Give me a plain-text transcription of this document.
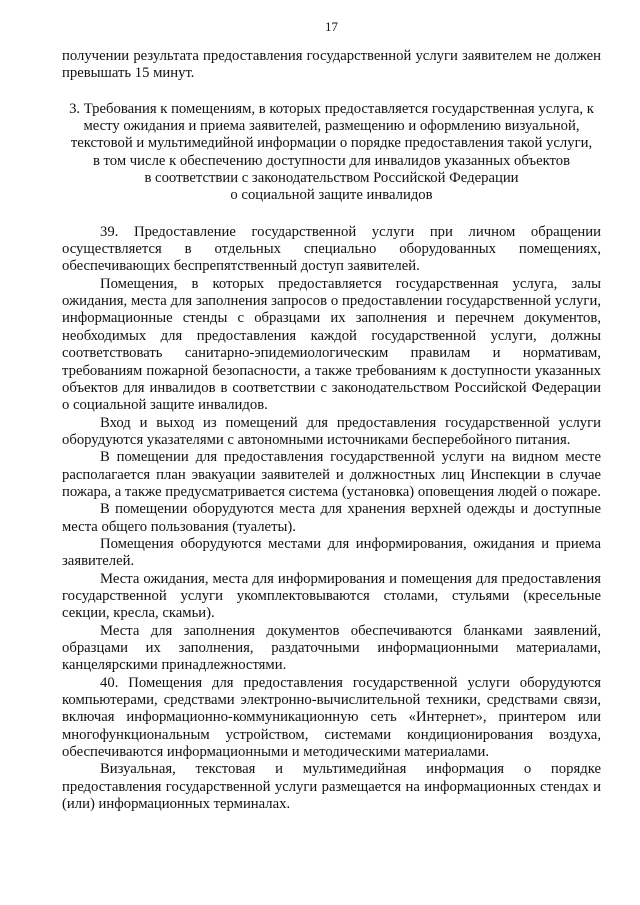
17

получении результата предоставления государственной услуги заявителем не должен превышать 15 минут.

3. Требования к помещениям, в которых предоставляется государственная услуга, к
месту ожидания и приема заявителей, размещению и оформлению визуальной,
текстовой и мультимедийной информации о порядке предоставления такой услуги,
в том числе к обеспечению доступности для инвалидов указанных объектов
в соответствии с законодательством Российской Федерации
о социальной защите инвалидов

39. Предоставление государственной услуги при личном обращении осуществляется в отдельных специально оборудованных помещениях, обеспечивающих беспрепятственный доступ заявителей.

Помещения, в которых предоставляется государственная услуга, залы ожидания, места для заполнения запросов о предоставлении государственной услуги, информационные стенды с образцами их заполнения и перечнем документов, необходимых для предоставления каждой государственной услуги, должны соответствовать санитарно-эпидемиологическим правилам и нормативам, требованиям пожарной безопасности, а также требованиям к доступности указанных объектов для инвалидов в соответствии с законодательством Российской Федерации о социальной защите инвалидов.

Вход и выход из помещений для предоставления государственной услуги оборудуются указателями с автономными источниками бесперебойного питания.

В помещении для предоставления государственной услуги на видном месте располагается план эвакуации заявителей и должностных лиц Инспекции в случае пожара, а также предусматривается система (установка) оповещения людей о пожаре.

В помещении оборудуются места для хранения верхней одежды и доступные места общего пользования (туалеты).

Помещения оборудуются местами для информирования, ожидания и приема заявителей.

Места ожидания, места для информирования и помещения для предоставления государственной услуги укомплектовываются столами, стульями (кресельные секции, кресла, скамьи).

Места для заполнения документов обеспечиваются бланками заявлений, образцами их заполнения, раздаточными информационными материалами, канцелярскими принадлежностями.

40. Помещения для предоставления государственной услуги оборудуются компьютерами, средствами электронно-вычислительной техники, средствами связи, включая информационно-коммуникационную сеть «Интернет», принтером или многофункциональным устройством, системами кондиционирования воздуха, обеспечиваются информационными и методическими материалами.

Визуальная, текстовая и мультимедийная информация о порядке предоставления государственной услуги размещается на информационных стендах и (или) информационных терминалах.
